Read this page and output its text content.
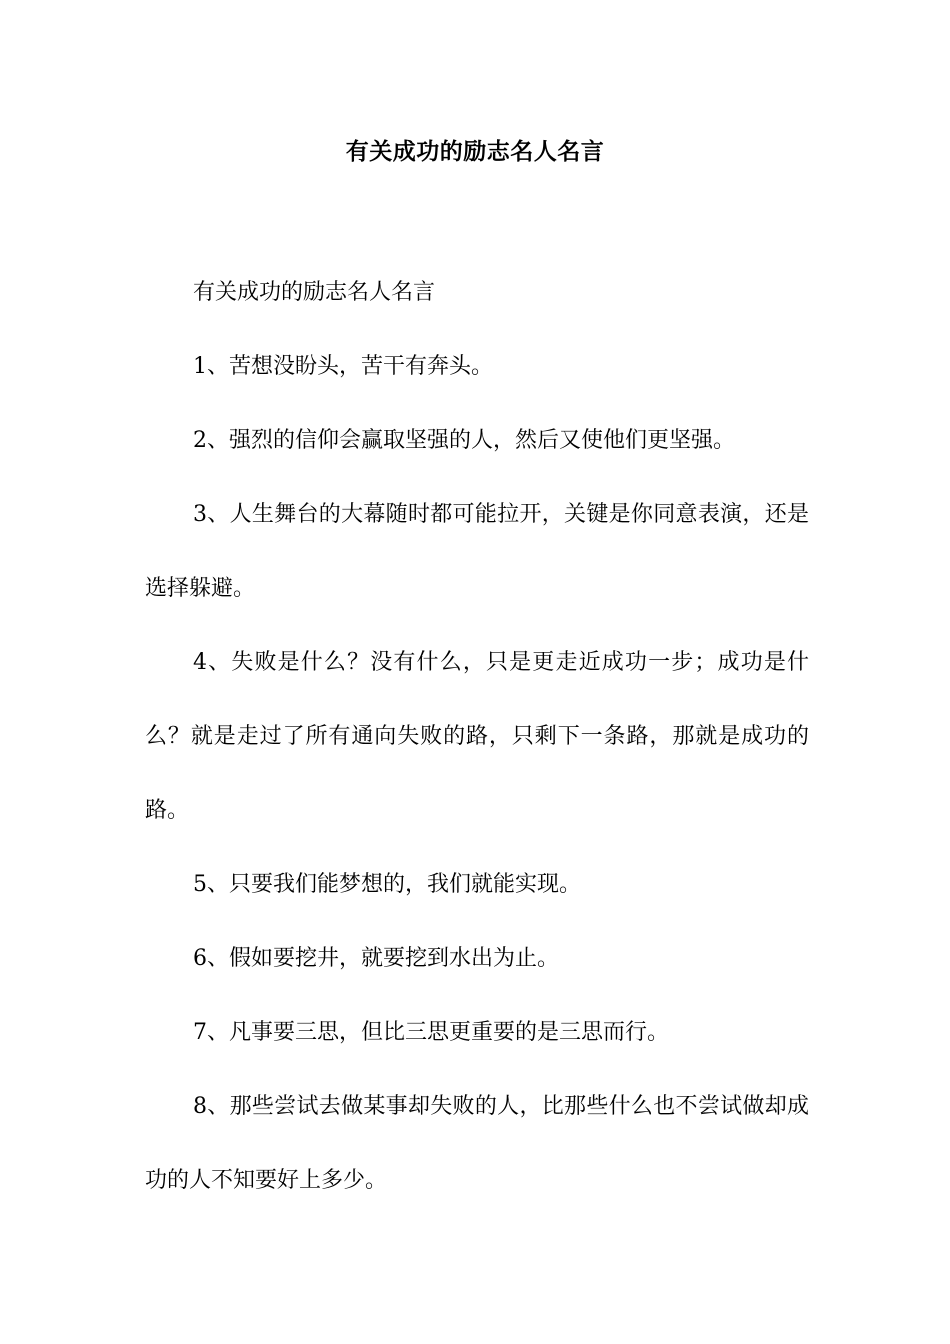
有关成功的励志名人名言

有关成功的励志名人名言

1、苦想没盼头，苦干有奔头。

2、强烈的信仰会赢取坚强的人，然后又使他们更坚强。

3、人生舞台的大幕随时都可能拉开，关键是你同意表演，还是选择躲避。

4、失败是什么？没有什么，只是更走近成功一步；成功是什么？就是走过了所有通向失败的路，只剩下一条路，那就是成功的路。

5、只要我们能梦想的，我们就能实现。

6、假如要挖井，就要挖到水出为止。

7、凡事要三思，但比三思更重要的是三思而行。

8、那些尝试去做某事却失败的人，比那些什么也不尝试做却成功的人不知要好上多少。
